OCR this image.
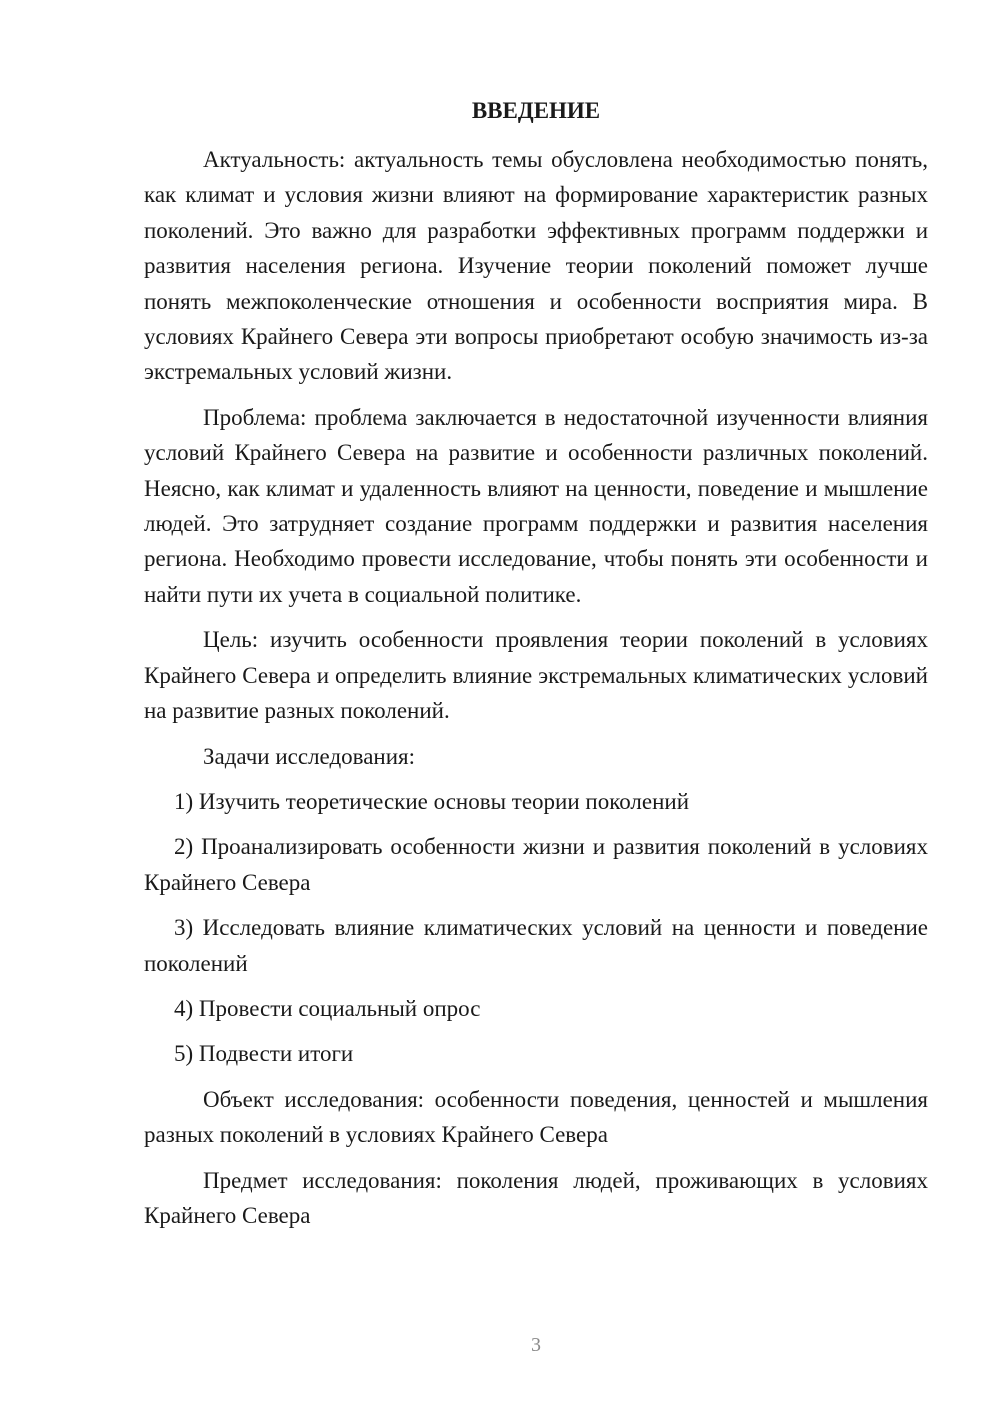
ВВЕДЕНИЕ

Актуальность: актуальность темы обусловлена необходимостью понять, как климат и условия жизни влияют на формирование характеристик разных поколений. Это важно для разработки эффективных программ поддержки и развития населения региона. Изучение теории поколений поможет лучше понять межпоколенческие отношения и особенности восприятия мира. В условиях Крайнего Севера эти вопросы приобретают особую значимость из-за экстремальных условий жизни.

Проблема: проблема заключается в недостаточной изученности влияния условий Крайнего Севера на развитие и особенности различных поколений. Неясно, как климат и удаленность влияют на ценности, поведение и мышление людей. Это затрудняет создание программ поддержки и развития населения региона. Необходимо провести исследование, чтобы понять эти особенности и найти пути их учета в социальной политике.

Цель: изучить особенности проявления теории поколений в условиях Крайнего Севера и определить влияние экстремальных климатических условий на развитие разных поколений.

Задачи исследования:

1) Изучить теоретические основы теории поколений

2) Проанализировать особенности жизни и развития поколений в условиях Крайнего Севера

3) Исследовать влияние климатических условий на ценности и поведение поколений

4) Провести социальный опрос

5) Подвести итоги

Объект исследования: особенности поведения, ценностей и мышления разных поколений в условиях Крайнего Севера

Предмет исследования: поколения людей, проживающих в условиях Крайнего Севера

3
